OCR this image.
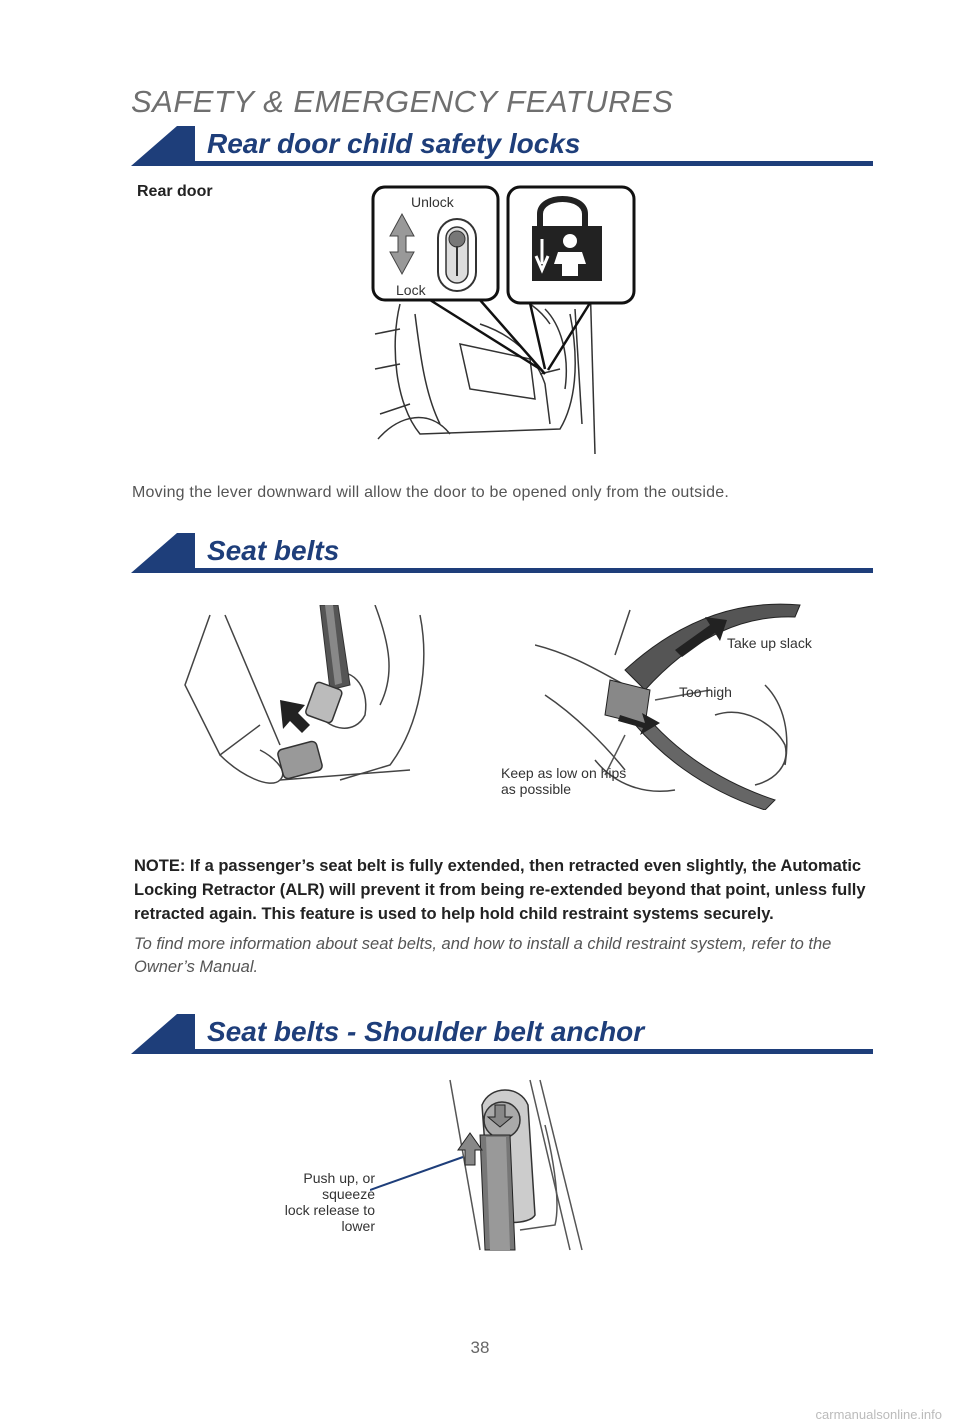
SAFETY & EMERGENCY FEATURES
Rear door child safety locks
Rear door
Unlock
Lock
Moving the lever downward will allow the door to be opened only from the outside.
Seat belts
Take up slack
Too high
Keep as low on hips
as possible
NOTE: If a passenger’s seat belt is fully extended, then retracted even slightly, the Automatic Locking Retractor (ALR) will prevent it from being re-extended beyond that point, unless fully retracted again. This feature is used to help hold child restraint systems securely.
To find more information about seat belts, and how to install a child restraint system, refer to the Owner’s Manual.
Seat belts - Shoulder belt anchor
Push up, or squeeze
lock release to lower
38
carmanualsonline.info
